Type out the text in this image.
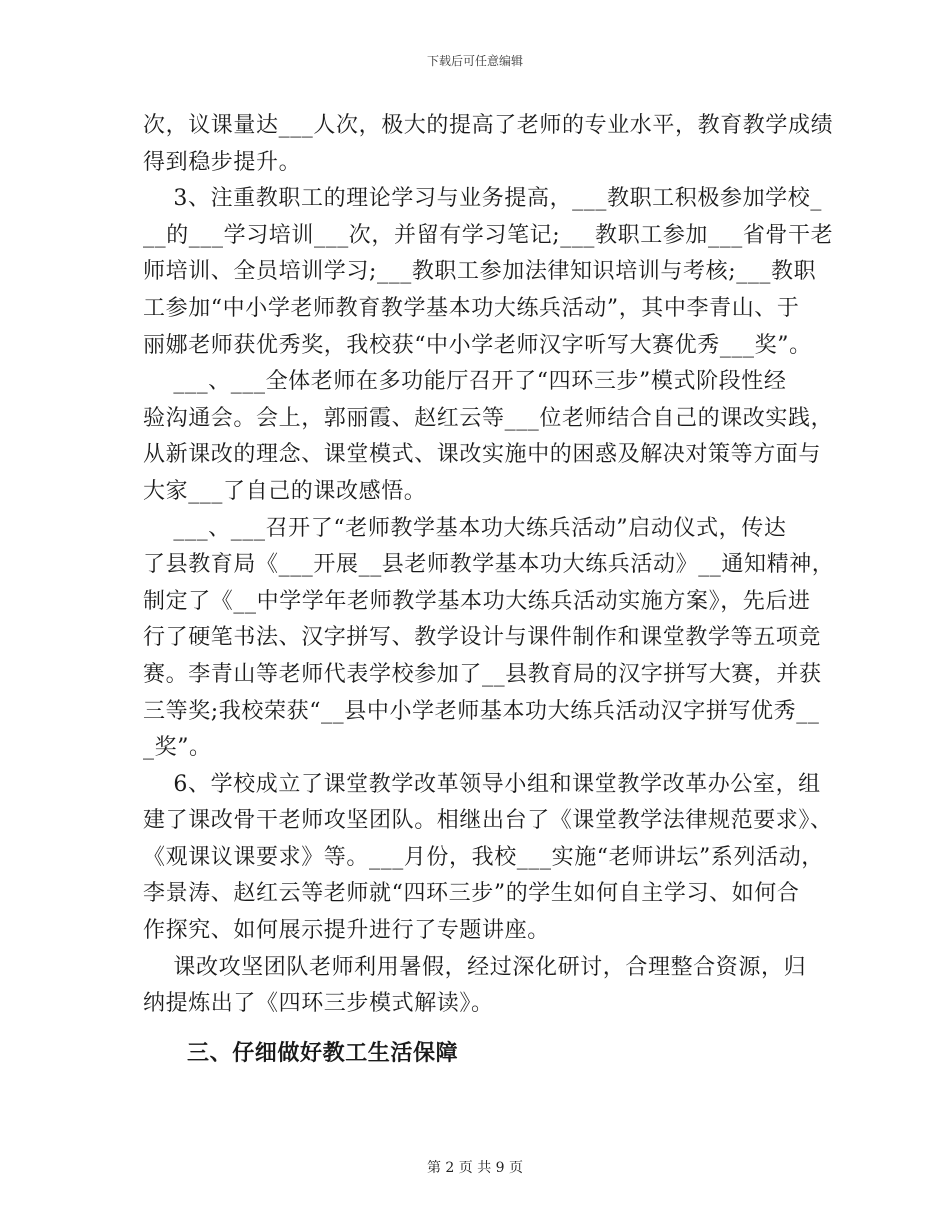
下载后可任意编辑
次，议课量达___人次，极大的提高了老师的专业水平，教育教学成绩
得到稳步提升。
3、注重教职工的理论学习与业务提高，___教职工积极参加学校_
__的___学习培训___次，并留有学习笔记;___教职工参加___省骨干老
师培训、全员培训学习;___教职工参加法律知识培训与考核;___教职
工参加“中小学老师教育教学基本功大练兵活动”，其中李青山、于
丽娜老师获优秀奖，我校获“中小学老师汉字听写大赛优秀___奖”。
___、___全体老师在多功能厅召开了“四环三步”模式阶段性经
验沟通会。会上，郭丽霞、赵红云等___位老师结合自己的课改实践，
从新课改的理念、课堂模式、课改实施中的困惑及解决对策等方面与
大家___了自己的课改感悟。
___、___召开了“老师教学基本功大练兵活动”启动仪式，传达
了县教育局《___开展__县老师教学基本功大练兵活动》__通知精神，
制定了《__中学学年老师教学基本功大练兵活动实施方案》，先后进
行了硬笔书法、汉字拼写、教学设计与课件制作和课堂教学等五项竞
赛。李青山等老师代表学校参加了__县教育局的汉字拼写大赛，并获
三等奖;我校荣获“__县中小学老师基本功大练兵活动汉字拼写优秀__
_奖”。
6、学校成立了课堂教学改革领导小组和课堂教学改革办公室，组
建了课改骨干老师攻坚团队。相继出台了《课堂教学法律规范要求》、
《观课议课要求》等。___月份，我校___实施“老师讲坛”系列活动，
李景涛、赵红云等老师就“四环三步”的学生如何自主学习、如何合
作探究、如何展示提升进行了专题讲座。
课改攻坚团队老师利用暑假，经过深化研讨，合理整合资源，归
纳提炼出了《四环三步模式解读》。
三、仔细做好教工生活保障
第 2 页 共 9 页
